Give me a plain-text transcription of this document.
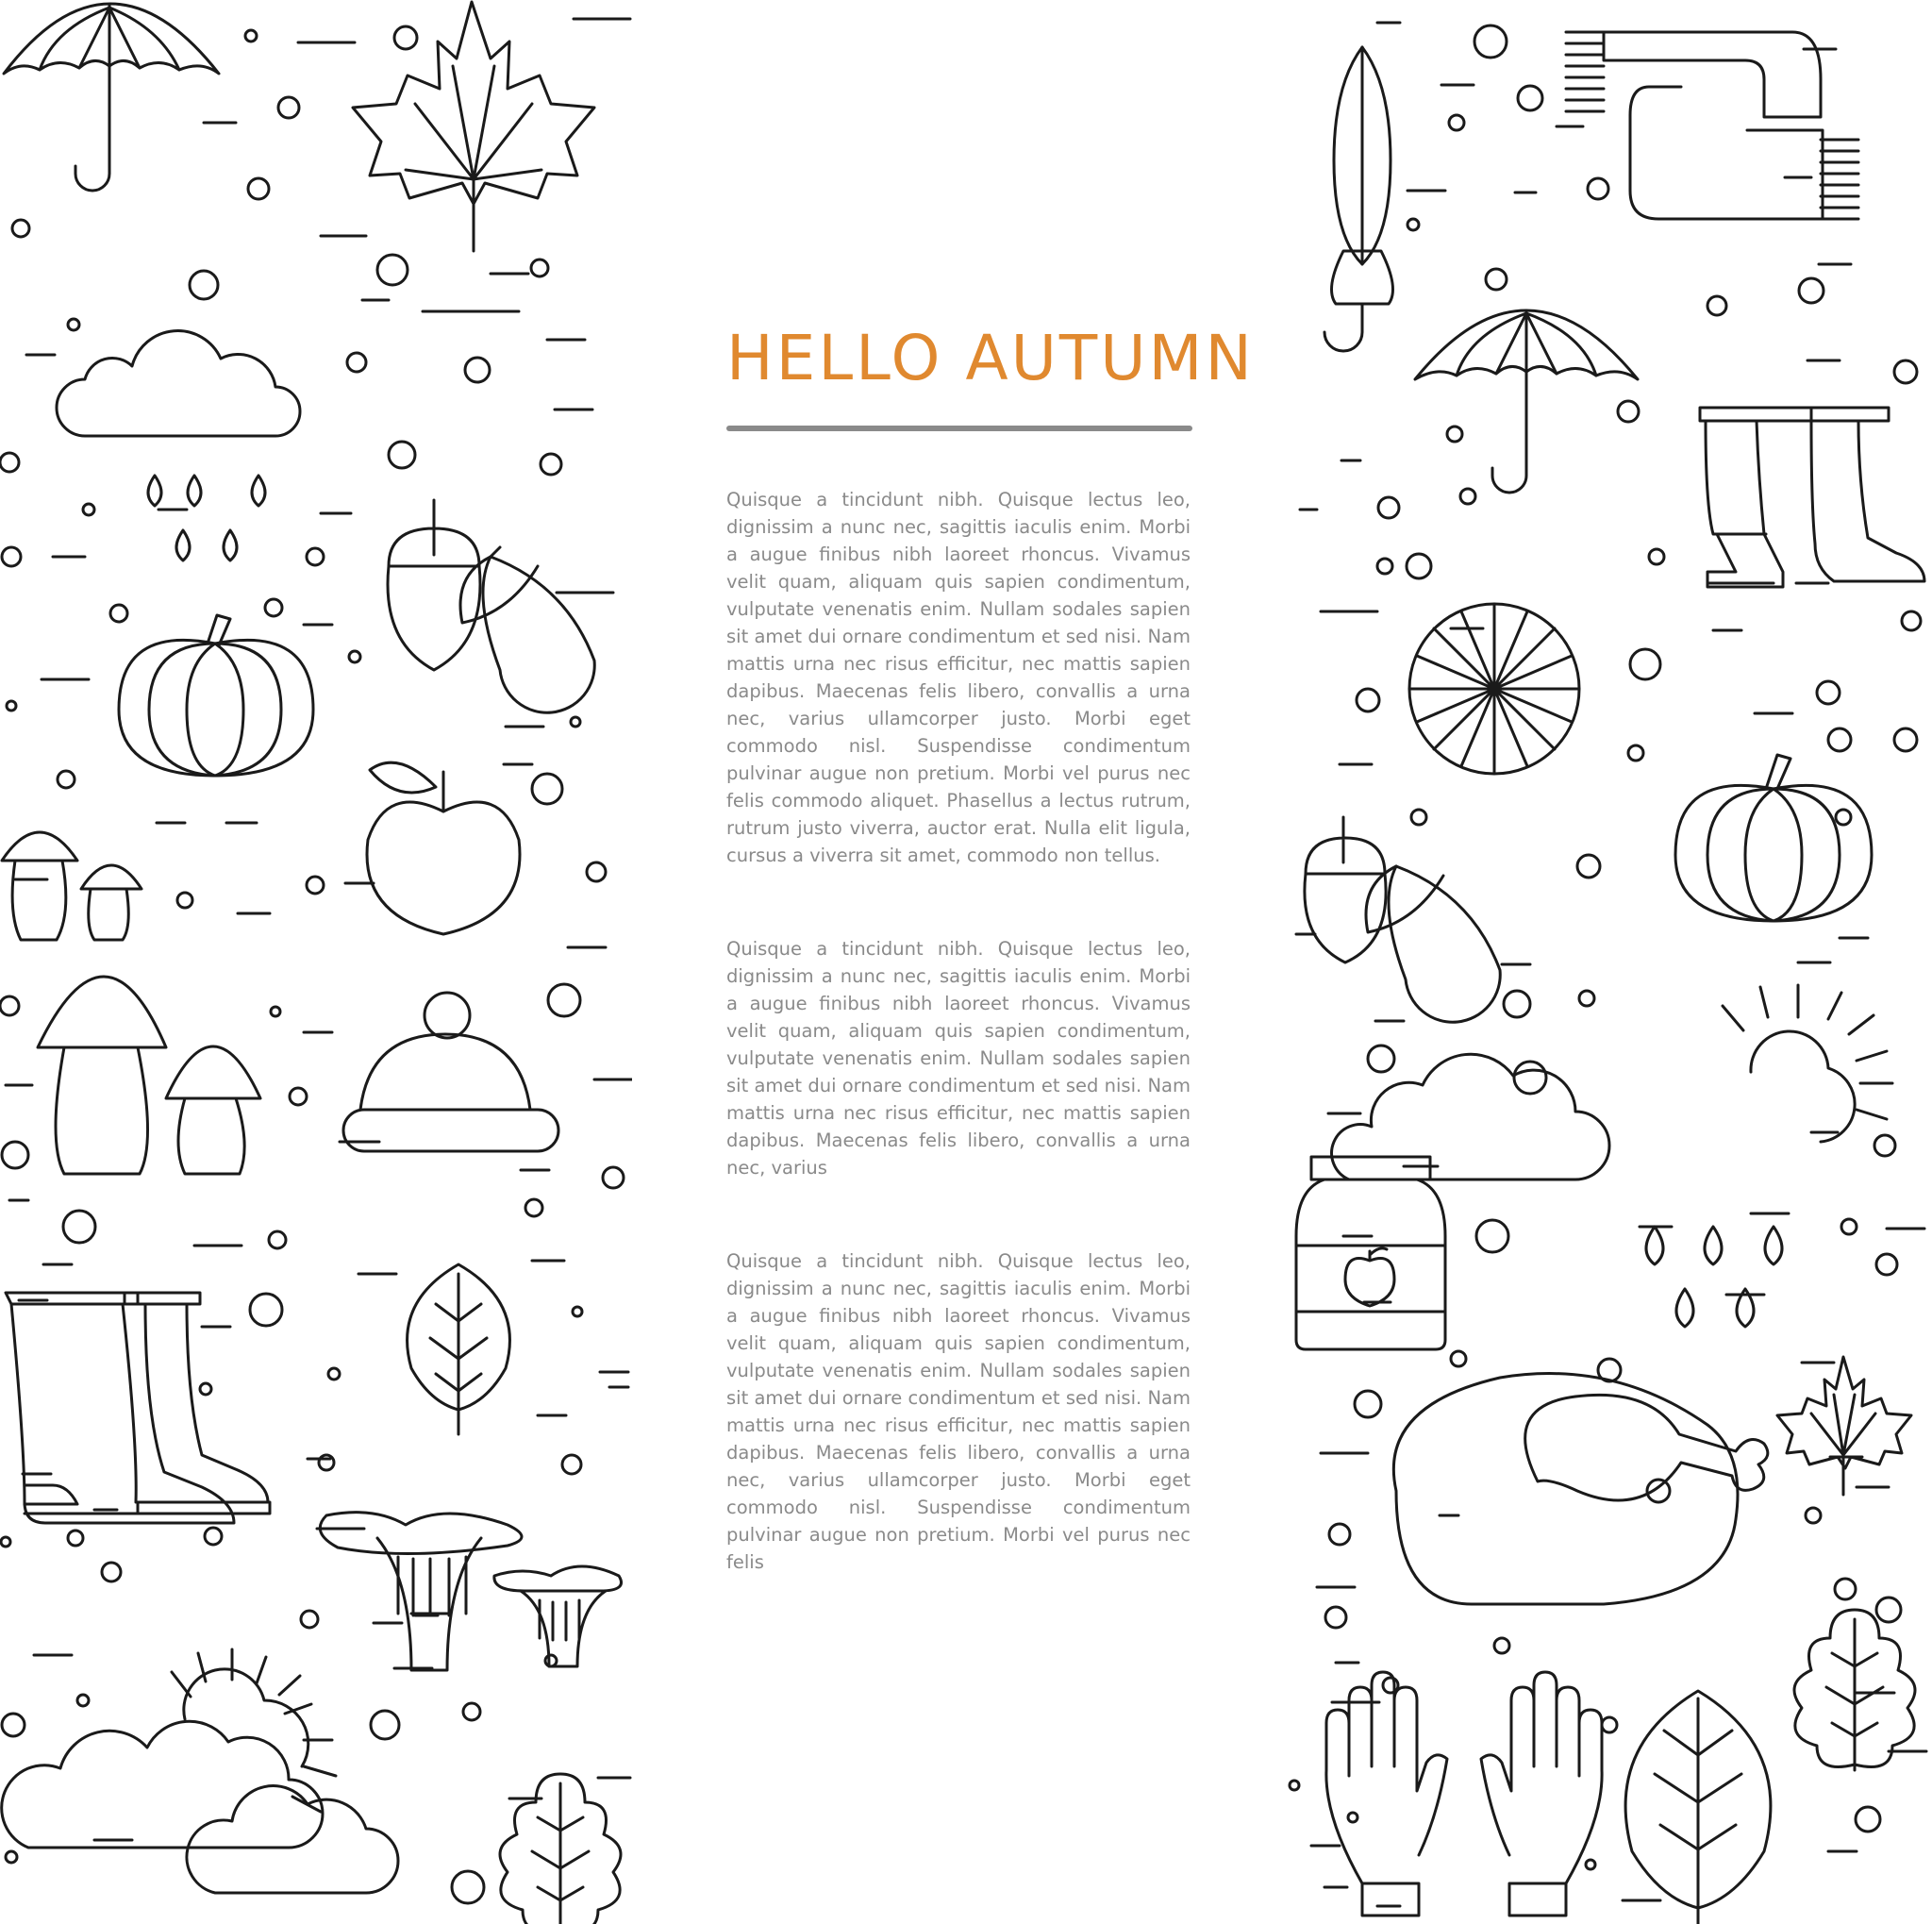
HELLO AUTUMN

Quisque a tincidunt nibh. Quisque lectus leo, dignissim a nunc nec, sagittis iaculis enim. Morbi a augue finibus nibh laoreet rhoncus. Vivamus velit quam, aliquam quis sapien condimentum, vulputate venenatis enim. Nullam sodales sapien sit amet dui ornare condimentum et sed nisi. Nam mattis urna nec risus efficitur, nec mattis sapien dapibus. Maecenas felis libero, convallis a urna nec, varius ullamcorper justo. Morbi eget commodo nisl. Suspendisse condimentum pulvinar augue non pretium. Morbi vel purus nec felis commodo aliquet. Phasellus a lectus rutrum, rutrum justo viverra, auctor erat. Nulla elit ligula, cursus a viverra sit amet, commodo non tellus.

Quisque a tincidunt nibh. Quisque lectus leo, dignissim a nunc nec, sagittis iaculis enim. Morbi a augue finibus nibh laoreet rhoncus. Vivamus velit quam, aliquam quis sapien condimentum, vulputate venenatis enim. Nullam sodales sapien sit amet dui ornare condimentum et sed nisi. Nam mattis urna nec risus efficitur, nec mattis sapien dapibus. Maecenas felis libero, convallis a urna nec, varius

Quisque a tincidunt nibh. Quisque lectus leo, dignissim a nunc nec, sagittis iaculis enim. Morbi a augue finibus nibh laoreet rhoncus. Vivamus velit quam, aliquam quis sapien condimentum, vulputate venenatis enim. Nullam sodales sapien sit amet dui ornare condimentum et sed nisi. Nam mattis urna nec risus efficitur, nec mattis sapien dapibus. Maecenas felis libero, convallis a urna nec, varius ullamcorper justo. Morbi eget commodo nisl. Suspendisse condimentum pulvinar augue non pretium. Morbi vel purus nec felis
